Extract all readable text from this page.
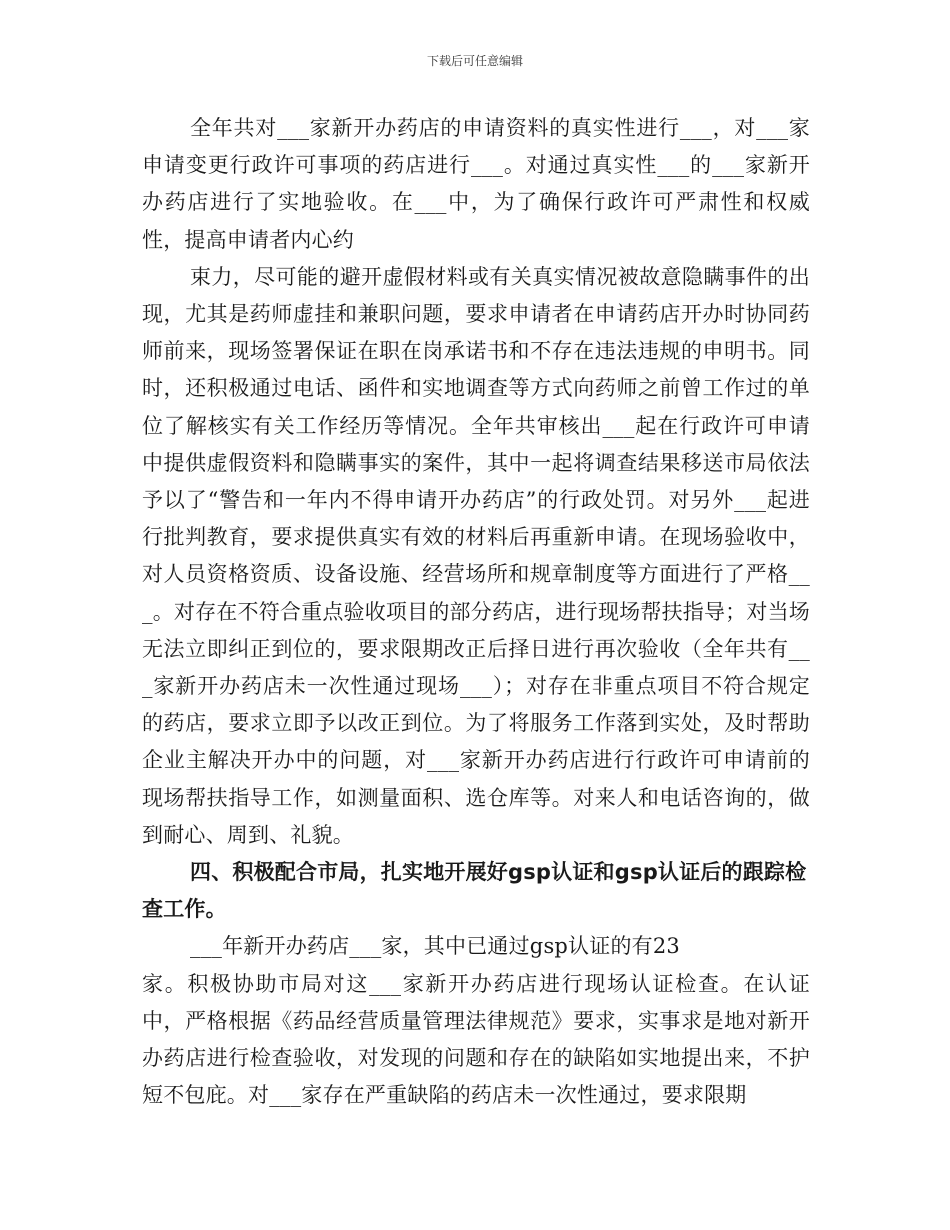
下载后可任意编辑

全年共对___家新开办药店的申请资料的真实性进行___，对___家申请变更行政许可事项的药店进行___。对通过真实性___的___家新开办药店进行了实地验收。在___中，为了确保行政许可严肃性和权威性，提高申请者内心约

束力，尽可能的避开虚假材料或有关真实情况被故意隐瞒事件的出现，尤其是药师虚挂和兼职问题，要求申请者在申请药店开办时协同药师前来，现场签署保证在职在岗承诺书和不存在违法违规的申明书。同时，还积极通过电话、函件和实地调查等方式向药师之前曾工作过的单位了解核实有关工作经历等情况。全年共审核出___起在行政许可申请中提供虚假资料和隐瞒事实的案件，其中一起将调查结果移送市局依法予以了“警告和一年内不得申请开办药店”的行政处罚。对另外___起进行批判教育，要求提供真实有效的材料后再重新申请。在现场验收中，对人员资格资质、设备设施、经营场所和规章制度等方面进行了严格___。对存在不符合重点验收项目的部分药店，进行现场帮扶指导；对当场无法立即纠正到位的，要求限期改正后择日进行再次验收（全年共有___家新开办药店未一次性通过现场___）；对存在非重点项目不符合规定的药店，要求立即予以改正到位。为了将服务工作落到实处，及时帮助企业主解决开办中的问题，对___家新开办药店进行行政许可申请前的现场帮扶指导工作，如测量面积、选仓库等。对来人和电话咨询的，做到耐心、周到、礼貌。

四、积极配合市局，扎实地开展好gsp认证和gsp认证后的跟踪检查工作。

___年新开办药店___家，其中已通过gsp认证的有23

家。积极协助市局对这___家新开办药店进行现场认证检查。在认证中，严格根据《药品经营质量管理法律规范》要求，实事求是地对新开办药店进行检查验收，对发现的问题和存在的缺陷如实地提出来，不护短不包庇。对___家存在严重缺陷的药店未一次性通过，要求限期
